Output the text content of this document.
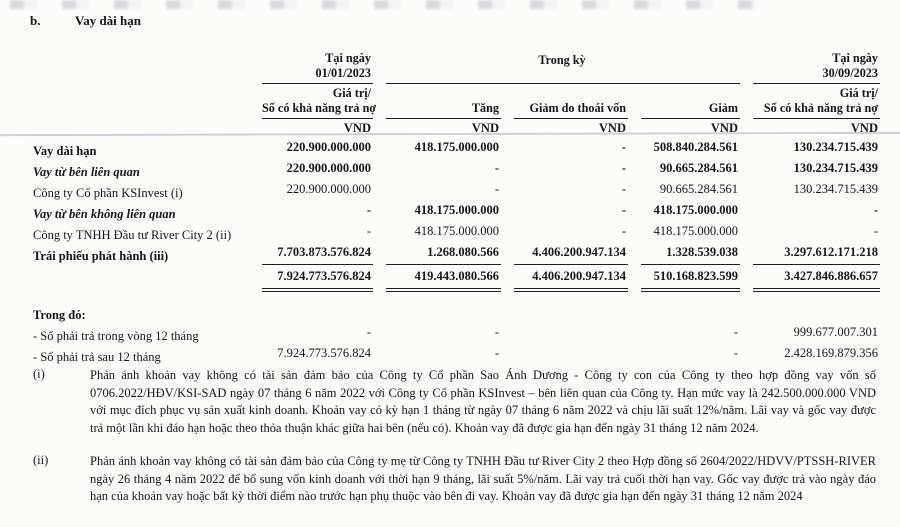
b.	Vay dài hạn

	Tại ngày
01/01/2023	Trong kỳ			Tại ngày
30/09/2023

	Giá trị/
Số có khả năng trả nợ	Tăng	Giảm do thoái vốn	Giảm	Giá trị/
Số có khả năng trả nợ

	VND	VND	VND	VND	VND

Vay dài hạn	220.900.000.000	418.175.000.000	-	508.840.284.561	130.234.715.439

Vay từ bên liên quan	220.900.000.000	-	-	90.665.284.561	130.234.715.439

Công ty Cổ phần KSInvest (i)	220.900.000.000	-	-	90.665.284.561	130.234.715.439

Vay từ bên không liên quan	-	418.175.000.000	-	418.175.000.000	-

Công ty TNHH Đầu tư River City 2 (ii)	-	418.175.000.000	-	418.175.000.000	-

Trái phiếu phát hành (iii)	7.703.873.576.824	1.268.080.566	4.406.200.947.134	1.328.539.038	3.297.612.171.218

	7.924.773.576.824	419.443.080.566	4.406.200.947.134	510.168.823.599	3.427.846.886.657

Trong đó:					

- Số phải trả trong vòng 12 tháng	-	-		-	999.677.007.301

- Số phải trả sau 12 tháng	7.924.773.576.824	-		-	2.428.169.879.356
(i)	Phản ánh khoản vay không có tài sản đảm bảo của Công ty Cổ phần Sao Ánh Dương - Công ty con của Công ty theo hợp đồng vay vốn số 0706.2022/HĐV/KSI-SAD ngày 07 tháng 6 năm 2022 với Công ty Cổ phần KSInvest – bên liên quan của Công ty. Hạn mức vay là 242.500.000.000 VND với mục đích phục vụ sản xuất kinh doanh. Khoản vay có kỳ hạn 1 tháng từ ngày 07 tháng 6 năm 2022 và chịu lãi suất 12%/năm. Lãi vay và gốc vay được trả một lần khi đáo hạn hoặc theo thỏa thuận khác giữa hai bên (nếu có). Khoản vay đã được gia hạn đến ngày 31 tháng 12 năm 2024.
(ii)	Phản ánh khoản vay không có tài sản đảm bảo của Công ty mẹ từ Công ty TNHH Đầu tư River City 2 theo Hợp đồng số 2604/2022/HDVV/PTSSH-RIVER ngày 26 tháng 4 năm 2022 để bổ sung vốn kinh doanh với thời hạn 9 tháng, lãi suất 5%/năm. Lãi vay trả cuối thời hạn vay. Gốc vay được trả vào ngày đáo hạn của khoản vay hoặc bất kỳ thời điểm nào trước hạn phụ thuộc vào bên đi vay. Khoản vay đã được gia hạn đến ngày 31 tháng 12 năm 2024
